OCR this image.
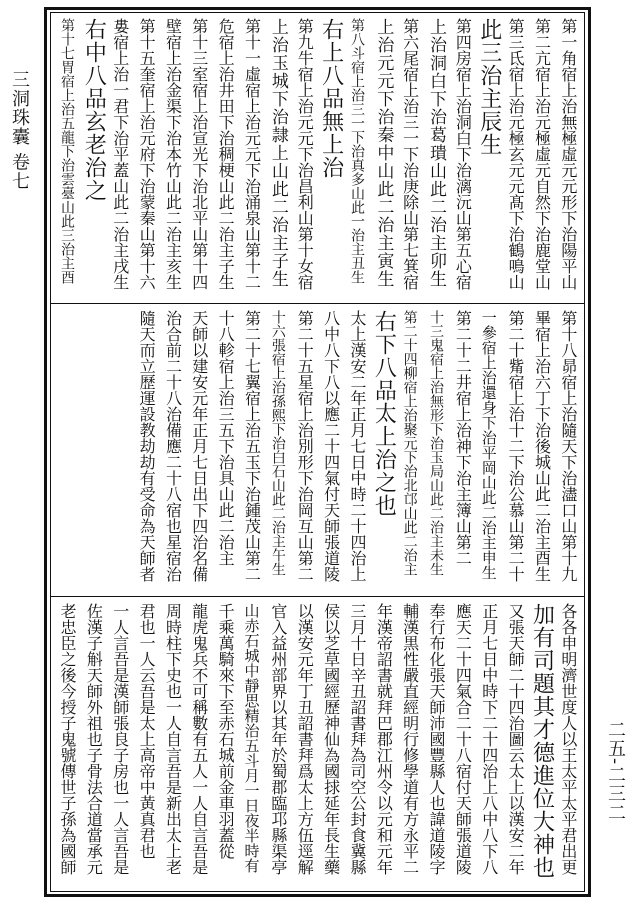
三洞珠囊 卷七
二五-二三二
第一角宿上治無極虛元元形下治陽平山
第二亢宿上治元極虛元自然下治鹿堂山
第三氐宿上治元極玄元元髙下治鶴鳴山
此三治主辰生
第四房宿上治洞白下治漓沅山第五心宿
上治洞白下治葛璝山此二治主卯生
第六尾宿上治三一下治庚除山第七箕宿
上治元元下治秦中山此二治主寅生
第八斗宿上治三一下治真多山此一治主丑生
右上八品無上治
第九牛宿上治元元下治昌利山第十女宿
上治玉城下治隷上山此二治主子生
第十一虛宿上治元元下治涌泉山第十二
危宿上治井田下治稠梗山此二治主子生
第十三室宿上治宣光下治北平山第十四
壁宿上治金渠下治本竹山此二治主亥生
第十五奎宿上治元府下治蒙秦山第十六
婁宿上治一君下治平蓋山此二治主戌生
右中八品玄老治之
第十七胃宿上治五龍下治雲臺山此三治主酉
第十八昴宿上治隨天下治濜口山第十九
畢宿上治六丁下治後城山此二治主酉生
第二十觜宿上治十二下治公慕山第二十
一參宿上治還身下治平岡山此二治主申生
第二十二井宿上治神下治主簿山第二
十三鬼宿上治無形下治玉局山此二治主未生
第二十四柳宿上治聚元下治北邙山此二治主
右下八品太上治之也
太上漢安二年正月七日中時二十四治上
八中八下八以應二十四氣付天師張道陵
第二十五星宿上治別形下治岡互山第二
十六張宿上治孫熙下治白石山此二治主午生
第二十七翼宿上治五玉下治鍾茂山第二
十八軫宿上治三五下治具山此二治主
天師以建安元年正月七日出下四治名備
治合前二十八治備應二十八宿也星宿治
隨天而立歷運設教劫劫有受命為天師者
各各申明濟世度人以王太平太平君出更
加有司題其才德進位大神也
又張天師二十四治圖云太上以漢安二年
正月七日中時下二十四治上八中八下八
應天二十四氣合二十八宿付天師張道陵
奉行布化張天師沛國豐縣人也諱道陵字
輔漢黒性嚴直經明行修學道有方永平二
年漢帝詔書就拜巴郡江州令以元和元年
三月十日辛丑詔書拜為司空公封食冀縣
侯以芝草國經歷神仙為國捄延年長生藥
以漢安元年丁丑詔書拜爲太上方伍逕解
官入益州部界以其年於蜀郡臨邛縣渠亭
山赤石城中靜思精治五斗月一日夜半時有
千乘萬騎來下至赤石城前金車羽蓋從
龍虎鬼兵不可稱數有五人一人自言吾是
周時柱下史也一人自言吾是新出太上老
君也一人云吾是太上高帝中黃真君也
一人言吾是漢師張良子房也一人言吾是
佐漢子斛天師外祖也子骨法合道當承元
老忠臣之後今授子鬼號傳世子孫為國師
